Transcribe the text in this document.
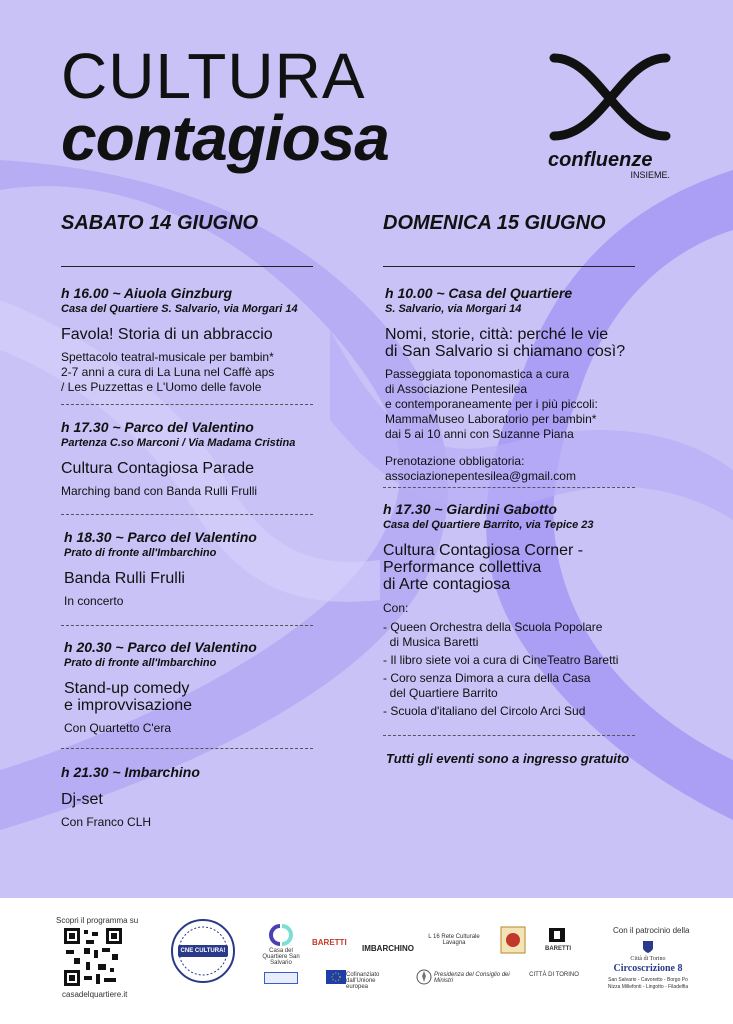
CULTURA
contagiosa	confluenze
INSIEME.
SABATO 14 GIUGNO
h 16.00 ~ Aiuola Ginzburg
Casa del Quartiere S. Salvario, via Morgari 14
Favola! Storia di un abbraccio
Spettacolo teatral-musicale per bambin*
2-7 anni a cura di La Luna nel Caffè aps
/ Les Puzzettas e L'Uomo delle favole
h 17.30 ~ Parco del Valentino
Partenza C.so Marconi / Via Madama Cristina
Cultura Contagiosa Parade
Marching band con Banda Rulli Frulli
h 18.30 ~ Parco del Valentino
Prato di fronte all'Imbarchino
Banda Rulli Frulli
In concerto
h 20.30 ~ Parco del Valentino
Prato di fronte all'Imbarchino
Stand-up comedy
e improvvisazione
Con Quartetto C'era
h 21.30 ~ Imbarchino
Dj-set
Con Franco CLH
DOMENICA 15 GIUGNO
h 10.00 ~ Casa del Quartiere
S. Salvario, via Morgari 14
Nomi, storie, città: perché le vie
di San Salvario si chiamano così?
Passeggiata toponomastica a cura
di Associazione Pentesilea
e contemporaneamente per i più piccoli:
MammaMuseo Laboratorio per bambin*
dai 5 ai 10 anni con Suzanne Piana
Prenotazione obbligatoria:
associazionepentesilea@gmail.com
h 17.30 ~ Giardini Gabotto
Casa del Quartiere Barrito, via Tepice 23
Cultura Contagiosa Corner -
Performance collettiva
di Arte contagiosa
Con:
- Queen Orchestra della Scuola Popolare
di Musica Baretti
- Il libro siete voi a cura di CineTeatro Baretti
- Coro senza Dimora a cura della Casa
del Quartiere Barrito
- Scuola d'italiano del Circolo Arci Sud
Tutti gli eventi sono a ingresso gratuito
Scopri il programma su
casadelquartiere.it
CNE CULTURA!	Casa del Quartiere San Salvario
BARETTI
IMBARCHINO
L 16 Rete Culturale Lavagna
BARETTI
Cofinanziato dall'Unione europea
Presidenza del Consiglio dei Ministri
CITTÀ DI TORINO
Con il patrocinio della
Città di Torino
Circoscrizione 8
San Salvario - Cavoretto - Borgo Po
Nizza Millefonti - Lingotto - Filadelfia
